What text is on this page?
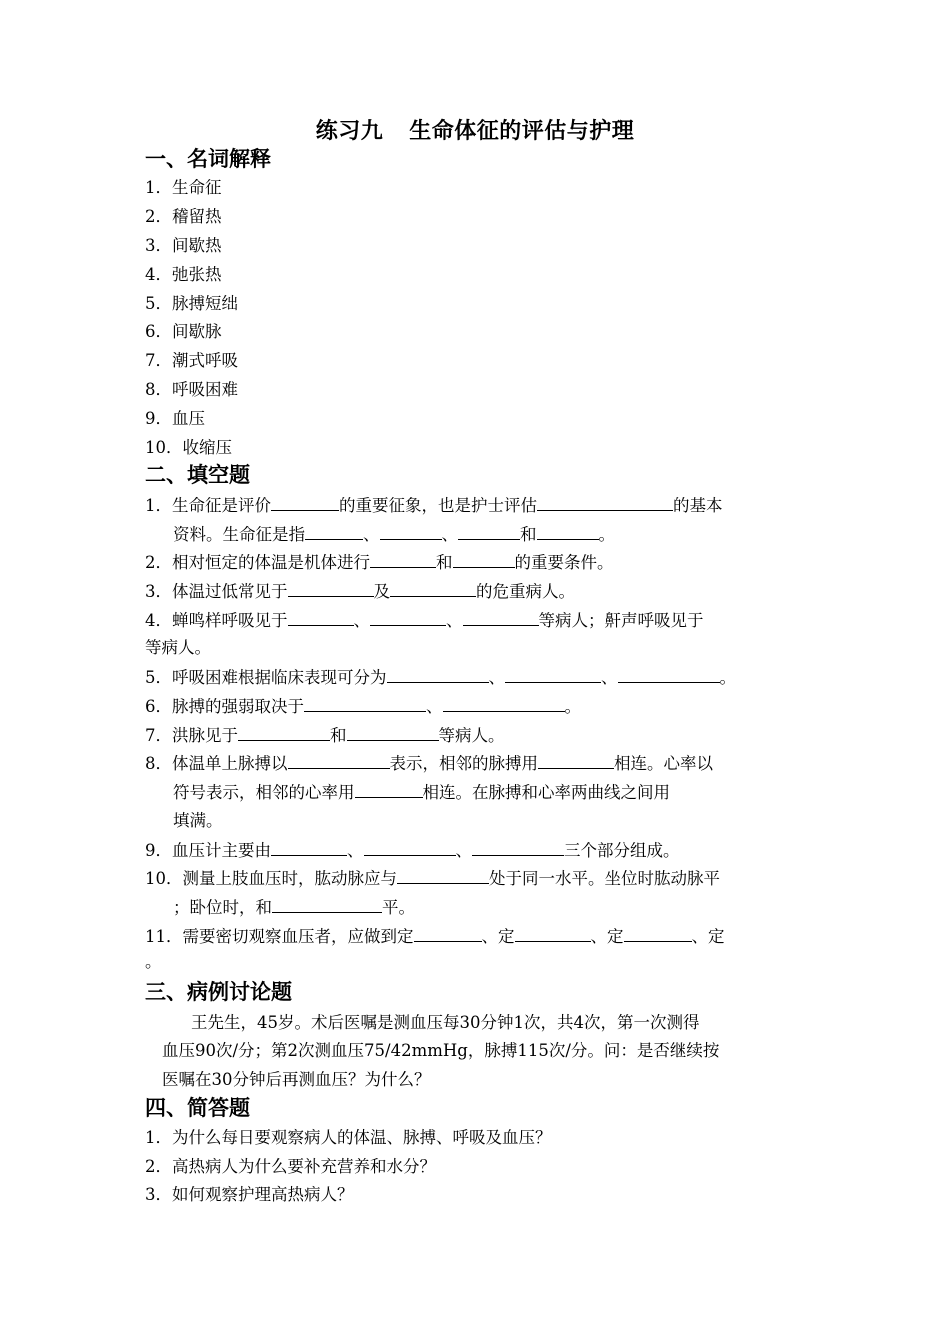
练习九 生命体征的评估与护理
一、名词解释
1．生命征
2．稽留热
3．间歇热
4．弛张热
5．脉搏短绌
6．间歇脉
7．潮式呼吸
8．呼吸困难
9．血压
10．收缩压
二、填空题
1．生命征是评价	的重要征象，也是护士评估	的基本
资料。生命征是指	、	、	和	。
2．相对恒定的体温是机体进行	和	的重要条件。
3．体温过低常见于	及	的危重病人。
4．蝉鸣样呼吸见于	、	、	等病人；鼾声呼吸见于
等病人。
5．呼吸困难根据临床表现可分为	、	、	。
6．脉搏的强弱取决于	、	。
7．洪脉见于	和	等病人。
8．体温单上脉搏以	表示，相邻的脉搏用	相连。心率以
符号表示，相邻的心率用	相连。在脉搏和心率两曲线之间用
填满。
9．血压计主要由	、	、	三个部分组成。
10．测量上肢血压时，肱动脉应与	处于同一水平。坐位时肱动脉平
；卧位时，和	平。
11．需要密切观察血压者，应做到定	、定	、定	、定
。
三、病例讨论题
王先生，45岁。术后医嘱是测血压每30分钟1次，共4次，第一次测得
血压90次/分；第2次测血压75/42mmHg，脉搏115次/分。问：是否继续按
医嘱在30分钟后再测血压？为什么？
四、简答题
1．为什么每日要观察病人的体温、脉搏、呼吸及血压？
2．高热病人为什么要补充营养和水分？
3．如何观察护理高热病人？
